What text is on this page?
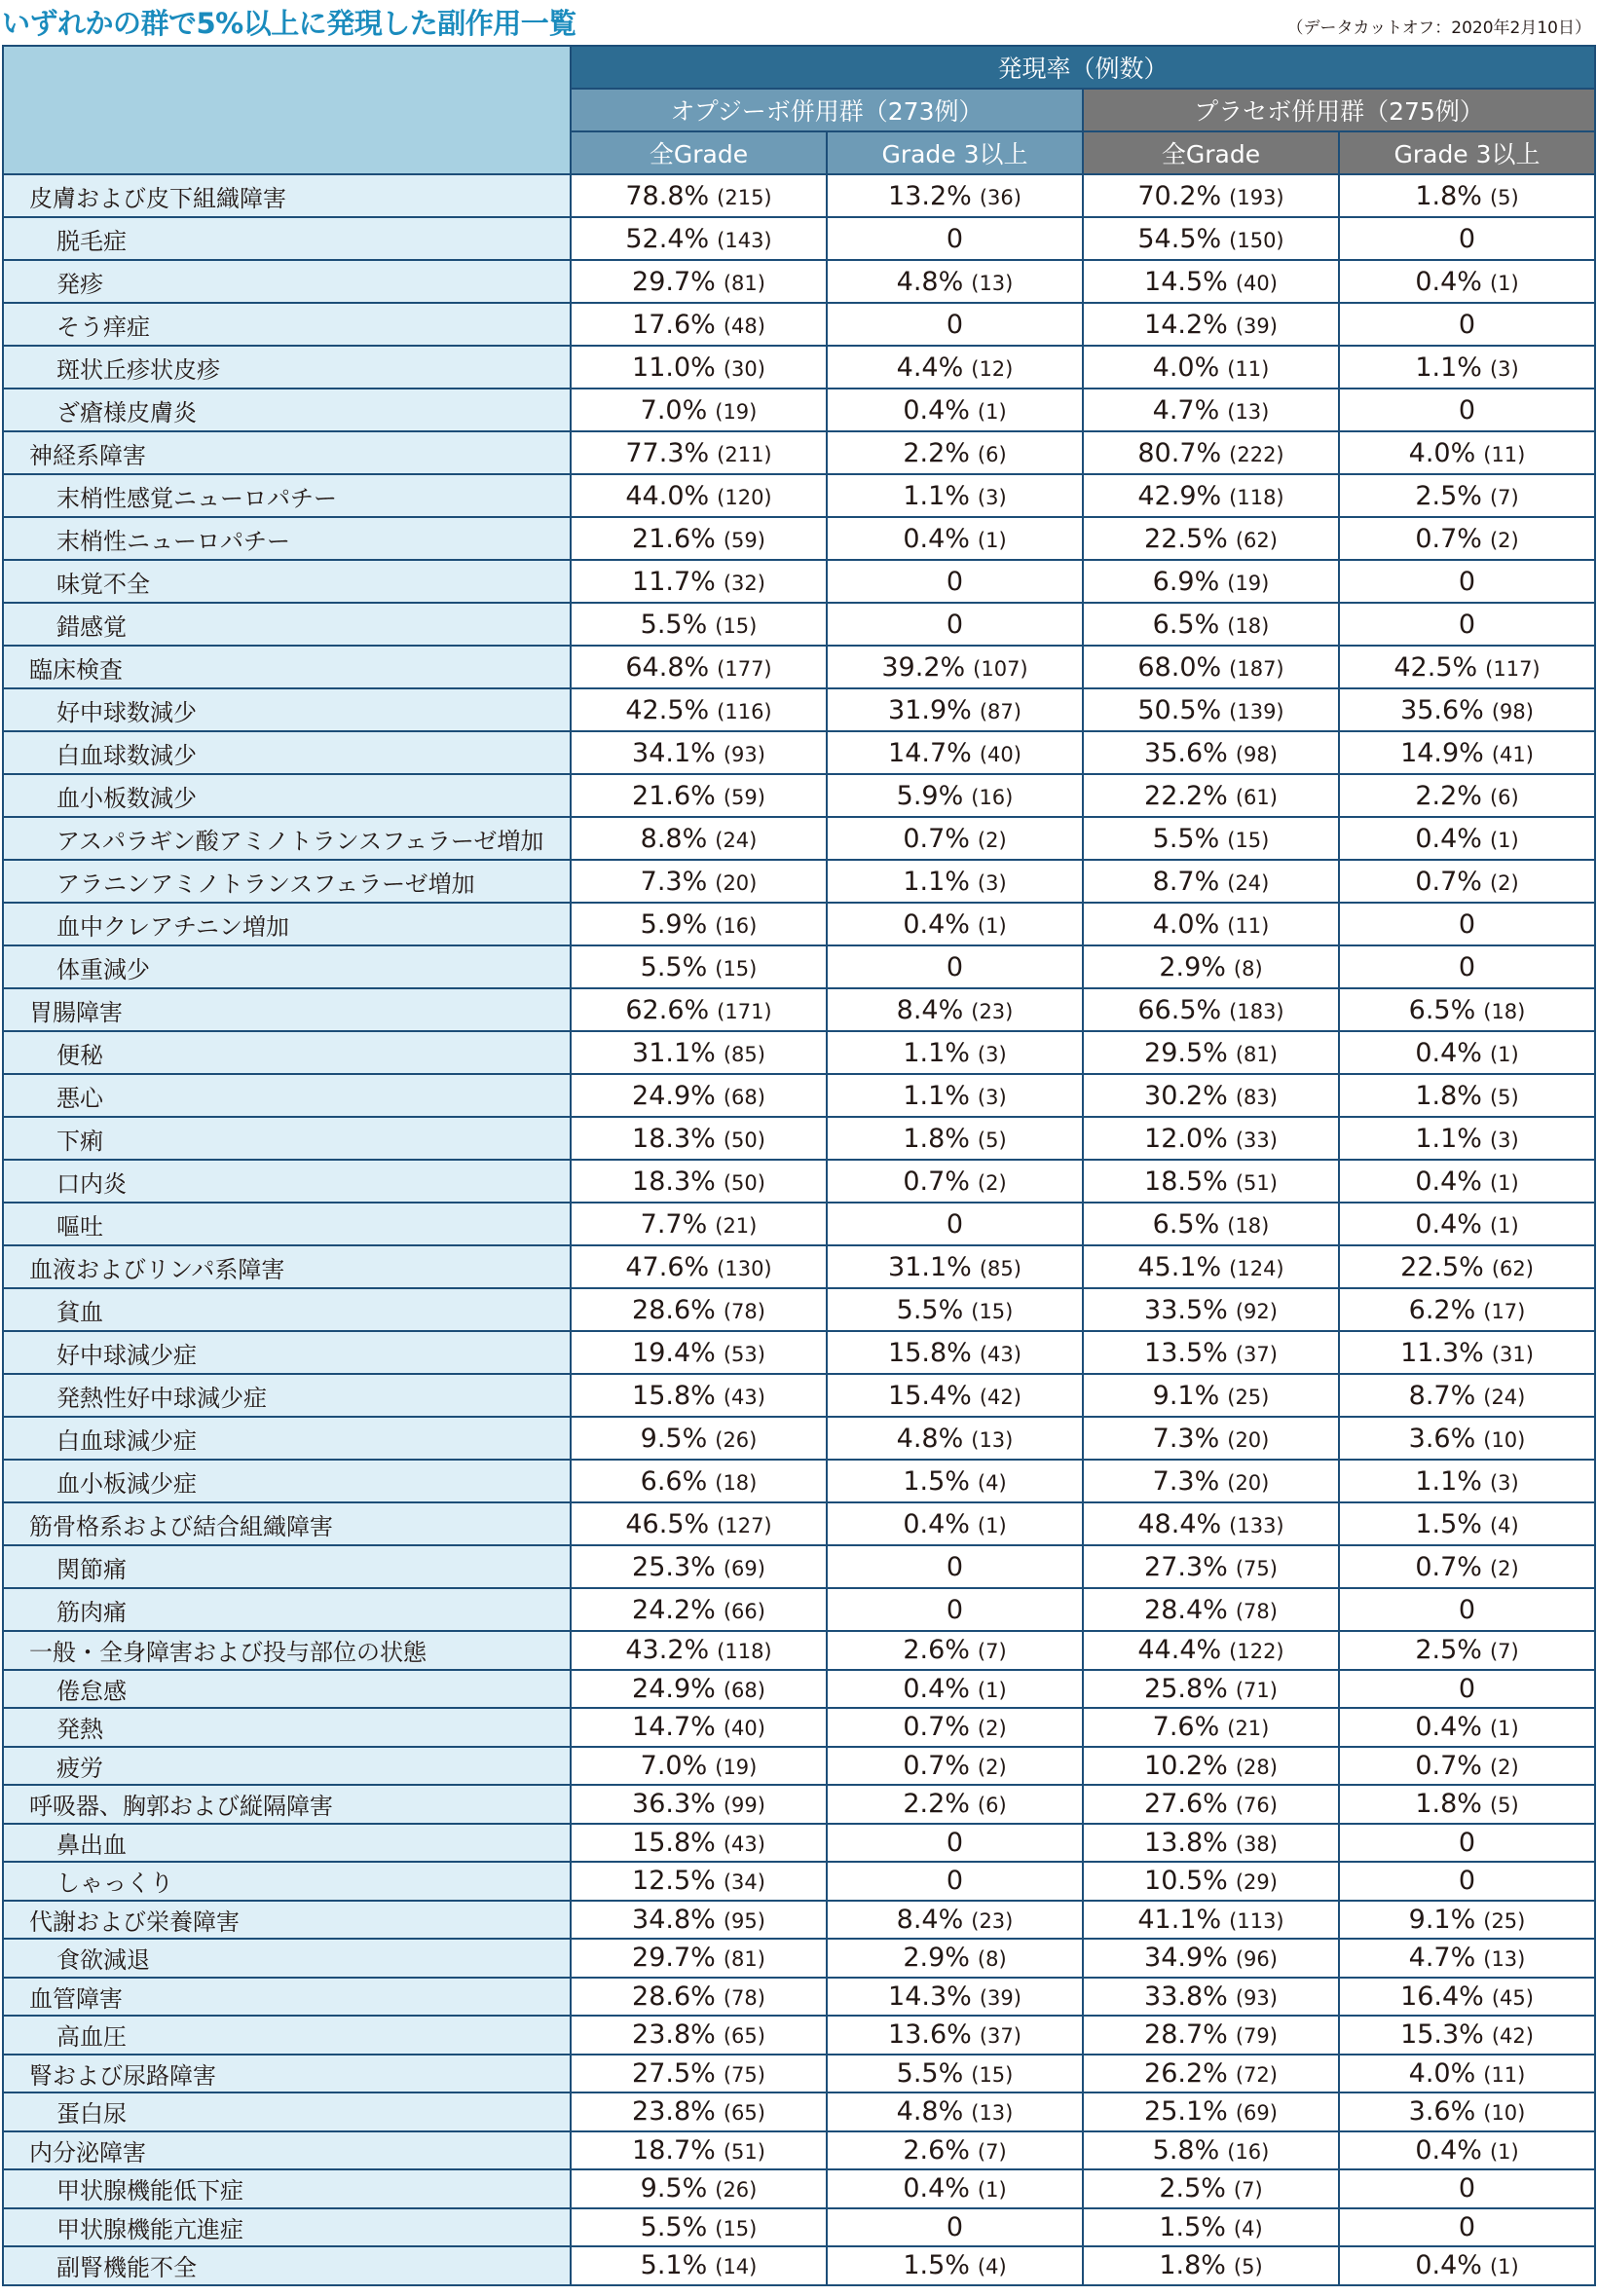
いずれかの群で5%以上に発現した副作用一覧	（データカットオフ：2020年2月10日）
	発現率（例数）			
	オプジーボ併用群（273例）		プラセボ併用群（275例）	
	全Grade	Grade 3以上	全Grade	Grade 3以上
皮膚および皮下組織障害	78.8% (215)	13.2% (36)	70.2% (193)	1.8% (5)
脱毛症	52.4% (143)	0	54.5% (150)	0
発疹	29.7% (81)	4.8% (13)	14.5% (40)	0.4% (1)
そう痒症	17.6% (48)	0	14.2% (39)	0
斑状丘疹状皮疹	11.0% (30)	4.4% (12)	4.0% (11)	1.1% (3)
ざ瘡様皮膚炎	7.0% (19)	0.4% (1)	4.7% (13)	0
神経系障害	77.3% (211)	2.2% (6)	80.7% (222)	4.0% (11)
末梢性感覚ニューロパチー	44.0% (120)	1.1% (3)	42.9% (118)	2.5% (7)
末梢性ニューロパチー	21.6% (59)	0.4% (1)	22.5% (62)	0.7% (2)
味覚不全	11.7% (32)	0	6.9% (19)	0
錯感覚	5.5% (15)	0	6.5% (18)	0
臨床検査	64.8% (177)	39.2% (107)	68.0% (187)	42.5% (117)
好中球数減少	42.5% (116)	31.9% (87)	50.5% (139)	35.6% (98)
白血球数減少	34.1% (93)	14.7% (40)	35.6% (98)	14.9% (41)
血小板数減少	21.6% (59)	5.9% (16)	22.2% (61)	2.2% (6)
アスパラギン酸アミノトランスフェラーゼ増加	8.8% (24)	0.7% (2)	5.5% (15)	0.4% (1)
アラニンアミノトランスフェラーゼ増加	7.3% (20)	1.1% (3)	8.7% (24)	0.7% (2)
血中クレアチニン増加	5.9% (16)	0.4% (1)	4.0% (11)	0
体重減少	5.5% (15)	0	2.9% (8)	0
胃腸障害	62.6% (171)	8.4% (23)	66.5% (183)	6.5% (18)
便秘	31.1% (85)	1.1% (3)	29.5% (81)	0.4% (1)
悪心	24.9% (68)	1.1% (3)	30.2% (83)	1.8% (5)
下痢	18.3% (50)	1.8% (5)	12.0% (33)	1.1% (3)
口内炎	18.3% (50)	0.7% (2)	18.5% (51)	0.4% (1)
嘔吐	7.7% (21)	0	6.5% (18)	0.4% (1)
血液およびリンパ系障害	47.6% (130)	31.1% (85)	45.1% (124)	22.5% (62)
貧血	28.6% (78)	5.5% (15)	33.5% (92)	6.2% (17)
好中球減少症	19.4% (53)	15.8% (43)	13.5% (37)	11.3% (31)
発熱性好中球減少症	15.8% (43)	15.4% (42)	9.1% (25)	8.7% (24)
白血球減少症	9.5% (26)	4.8% (13)	7.3% (20)	3.6% (10)
血小板減少症	6.6% (18)	1.5% (4)	7.3% (20)	1.1% (3)
筋骨格系および結合組織障害	46.5% (127)	0.4% (1)	48.4% (133)	1.5% (4)
関節痛	25.3% (69)	0	27.3% (75)	0.7% (2)
筋肉痛	24.2% (66)	0	28.4% (78)	0
一般・全身障害および投与部位の状態	43.2% (118)	2.6% (7)	44.4% (122)	2.5% (7)
倦怠感	24.9% (68)	0.4% (1)	25.8% (71)	0
発熱	14.7% (40)	0.7% (2)	7.6% (21)	0.4% (1)
疲労	7.0% (19)	0.7% (2)	10.2% (28)	0.7% (2)
呼吸器、胸郭および縦隔障害	36.3% (99)	2.2% (6)	27.6% (76)	1.8% (5)
鼻出血	15.8% (43)	0	13.8% (38)	0
しゃっくり	12.5% (34)	0	10.5% (29)	0
代謝および栄養障害	34.8% (95)	8.4% (23)	41.1% (113)	9.1% (25)
食欲減退	29.7% (81)	2.9% (8)	34.9% (96)	4.7% (13)
血管障害	28.6% (78)	14.3% (39)	33.8% (93)	16.4% (45)
高血圧	23.8% (65)	13.6% (37)	28.7% (79)	15.3% (42)
腎および尿路障害	27.5% (75)	5.5% (15)	26.2% (72)	4.0% (11)
蛋白尿	23.8% (65)	4.8% (13)	25.1% (69)	3.6% (10)
内分泌障害	18.7% (51)	2.6% (7)	5.8% (16)	0.4% (1)
甲状腺機能低下症	9.5% (26)	0.4% (1)	2.5% (7)	0
甲状腺機能亢進症	5.5% (15)	0	1.5% (4)	0
副腎機能不全	5.1% (14)	1.5% (4)	1.8% (5)	0.4% (1)
